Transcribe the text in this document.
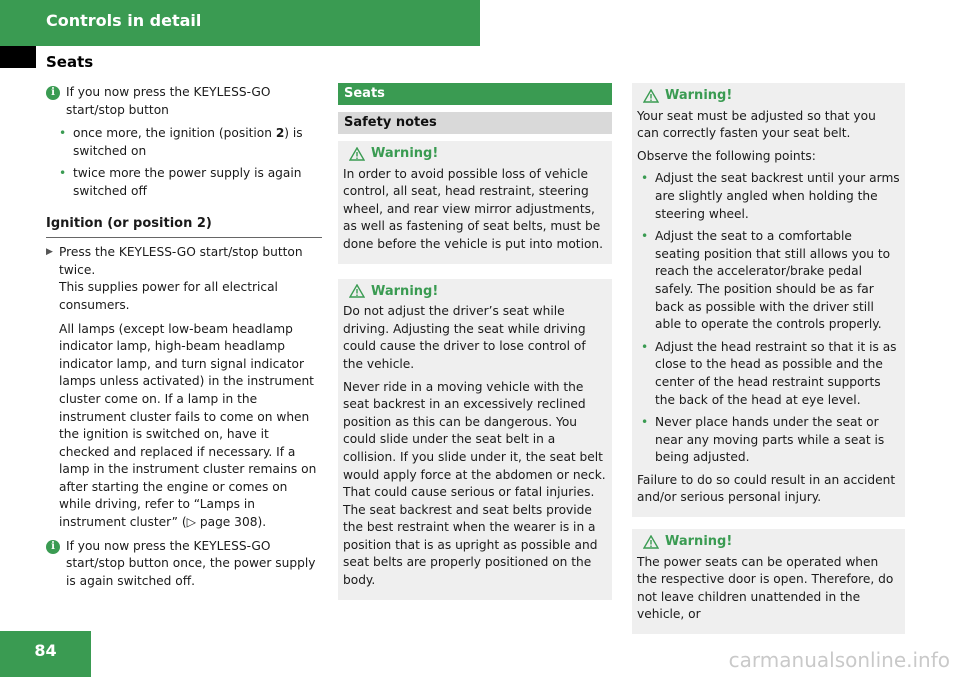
Controls in detail
Seats
i If you now press the KEYLESS-GO start/stop button
• once more, the ignition (position 2) is switched on
• twice more the power supply is again switched off
Ignition (or position 2)
▶ Press the KEYLESS-GO start/stop button twice.

This supplies power for all electrical consumers.

All lamps (except low-beam headlamp indicator lamp, high-beam headlamp indicator lamp, and turn signal indicator lamps unless activated) in the instrument cluster come on. If a lamp in the instrument cluster fails to come on when the ignition is switched on, have it checked and replaced if necessary. If a lamp in the instrument cluster remains on after starting the engine or comes on while driving, refer to “Lamps in instrument cluster” (▷ page 308).

i If you now press the KEYLESS-GO start/stop button once, the power supply is again switched off.
Seats
Safety notes
Warning!

In order to avoid possible loss of vehicle control, all seat, head restraint, steering wheel, and rear view mirror adjustments, as well as fastening of seat belts, must be done before the vehicle is put into motion.

Warning!

Do not adjust the driver’s seat while driving. Adjusting the seat while driving could cause the driver to lose control of the vehicle.

Never ride in a moving vehicle with the seat backrest in an excessively reclined position as this can be dangerous. You could slide under the seat belt in a collision. If you slide under it, the seat belt would apply force at the abdomen or neck. That could cause serious or fatal injuries. The seat backrest and seat belts provide the best restraint when the wearer is in a position that is as upright as possible and seat belts are properly positioned on the body.

Warning!

Your seat must be adjusted so that you can correctly fasten your seat belt.

Observe the following points:

• Adjust the seat backrest until your arms are slightly angled when holding the steering wheel.
• Adjust the seat to a comfortable seating position that still allows you to reach the accelerator/brake pedal safely. The position should be as far back as possible with the driver still able to operate the controls properly.
• Adjust the head restraint so that it is as close to the head as possible and the center of the head restraint supports the back of the head at eye level.
• Never place hands under the seat or near any moving parts while a seat is being adjusted.

Failure to do so could result in an accident and/or serious personal injury.

Warning!

The power seats can be operated when the respective door is open. Therefore, do not leave children unattended in the vehicle, or

84	carmanualsonline.info
